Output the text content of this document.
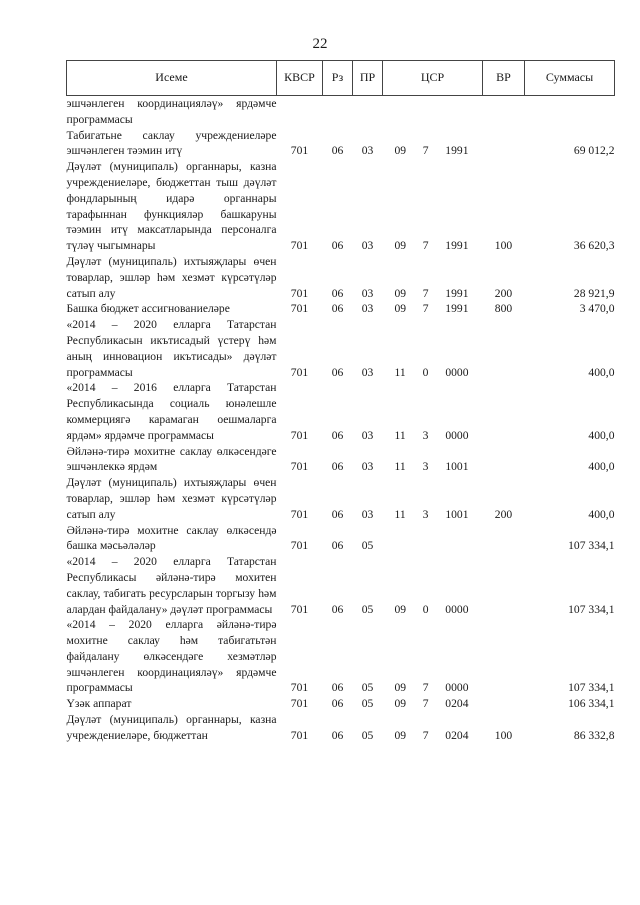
22
Исеме	КВСР	Рз	ПР	ЦСР	ВР	Суммасы
эшчәнлеген координацияләү» ярдәмче программасы				

Табигатьне саклау учреждениеләре эшчәнлеген тәэмин итү	701	06	03	09 7 1991		69 012,2
Дәүләт (муниципаль) органнары, казна учреждениеләре, бюджеттан тыш дәүләт фондларының идарә органнары тарафыннан функцияләр башкаруны тәэмин итү максатларында персоналга түләү чыгымнары	701	06	03	09 7 1991	100	36 620,3
Дәүләт (муниципаль) ихтыяҗлары өчен товарлар, эшләр һәм хезмәт күрсәтүләр сатып алу	701	06	03	09 7 1991	200	28 921,9
Башка бюджет ассигнованиеләре	701	06	03	09 7 1991	800	3 470,0
«2014 – 2020 елларга Татарстан Республикасын икътисадый үстерү һәм аның инновацион икътисады» дәүләт программасы	701	06	03	11 0 0000		400,0
«2014 – 2016 елларга Татарстан Республикасында социаль юнәлешле коммерциягә карамаган оешмаларга ярдәм» ярдәмче программасы	701	06	03	11 3 0000		400,0
Әйләнә-тирә мохитне саклау өлкәсендәге эшчәнлеккә ярдәм	701	06	03	11 3 1001		400,0
Дәүләт (муниципаль) ихтыяҗлары өчен товарлар, эшләр һәм хезмәт күрсәтүләр сатып алу	701	06	03	11 3 1001	200	400,0
Әйләнә-тирә мохитне саклау өлкәсендә башка мәсьәләләр	701	06	05			107 334,1
«2014 – 2020 елларга Татарстан Республикасы әйләнә-тирә мохитен саклау, табигать ресурсларын торгызу һәм алардан файдалану» дәүләт программасы	701	06	05	09 0 0000		107 334,1
«2014 – 2020 елларга әйләнә-тирә мохитне саклау һәм табигатьтән файдалану өлкәсендәге хезмәтләр эшчәнлеген координацияләү» ярдәмче программасы	701	06	05	09 7 0000		107 334,1
Үзәк аппарат	701	06	05	09 7 0204		106 334,1
Дәүләт (муниципаль) органнары, казна учреждениеләре, бюджеттан	701	06	05	09 7 0204	100	86 332,8
